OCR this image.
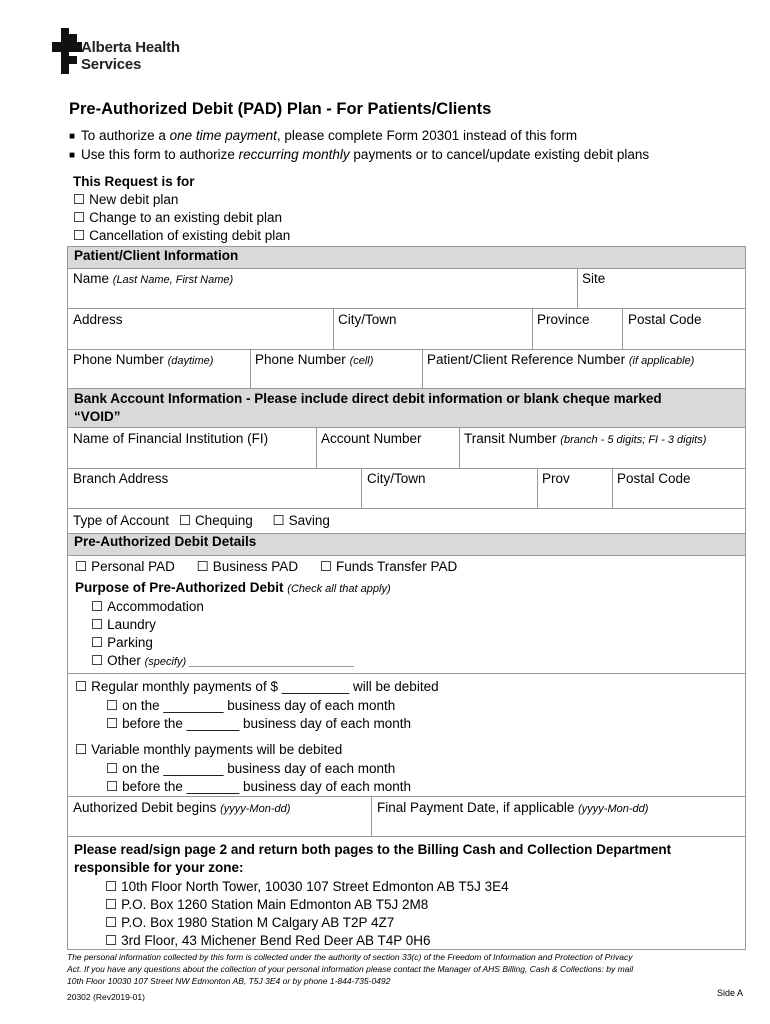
Alberta Health
Services
Pre-Authorized Debit (PAD) Plan - For Patients/Clients
■ To authorize a one time payment, please complete Form 20301 instead of this form
■ Use this form to authorize reccurring monthly payments or to cancel/update existing debit plans
This Request is for
☐ New debit plan
☐ Change to an existing debit plan
☐ Cancellation of existing debit plan
Patient/Client Information
Name (Last Name, First Name)	Site
Address	City/Town	Province	Postal Code
Phone Number (daytime)	Phone Number (cell)	Patient/Client Reference Number (if applicable)
Bank Account Information - Please include direct debit information or blank cheque marked
“VOID”
Name of Financial Institution (FI)	Account Number	Transit Number (branch - 5 digits; FI - 3 digits)
Branch Address	City/Town	Prov	Postal Code
Type of Account ☐ Chequing	☐ Saving
Pre-Authorized Debit Details
☐ Personal PAD	☐ Business PAD	☐ Funds Transfer PAD
Purpose of Pre-Authorized Debit (Check all that apply)
☐ Accommodation
☐ Laundry
☐ Parking
☐ Other (specify) ___________________________
☐ Regular monthly payments of $ _________ will be debited
☐ on the ________ business day of each month
☐ before the _______ business day of each month
☐ Variable monthly payments will be debited
☐ on the ________ business day of each month
☐ before the _______ business day of each month
Authorized Debit begins (yyyy-Mon-dd)	Final Payment Date, if applicable (yyyy-Mon-dd)
Please read/sign page 2 and return both pages to the Billing Cash and Collection Department
responsible for your zone:
☐ 10th Floor North Tower, 10030 107 Street Edmonton AB T5J 3E4
☐ P.O. Box 1260 Station Main Edmonton AB T5J 2M8
☐ P.O. Box 1980 Station M Calgary AB T2P 4Z7
☐ 3rd Floor, 43 Michener Bend Red Deer AB T4P 0H6
The personal information collected by this form is collected under the authority of section 33(c) of the Freedom of Information and Protection of Privacy
Act. If you have any questions about the collection of your personal information please contact the Manager of AHS Billing, Cash & Collections: by mail
10th Floor 10030 107 Street NW Edmonton AB, T5J 3E4 or by phone 1-844-735-0492
20302 (Rev2019-01)	Side A
